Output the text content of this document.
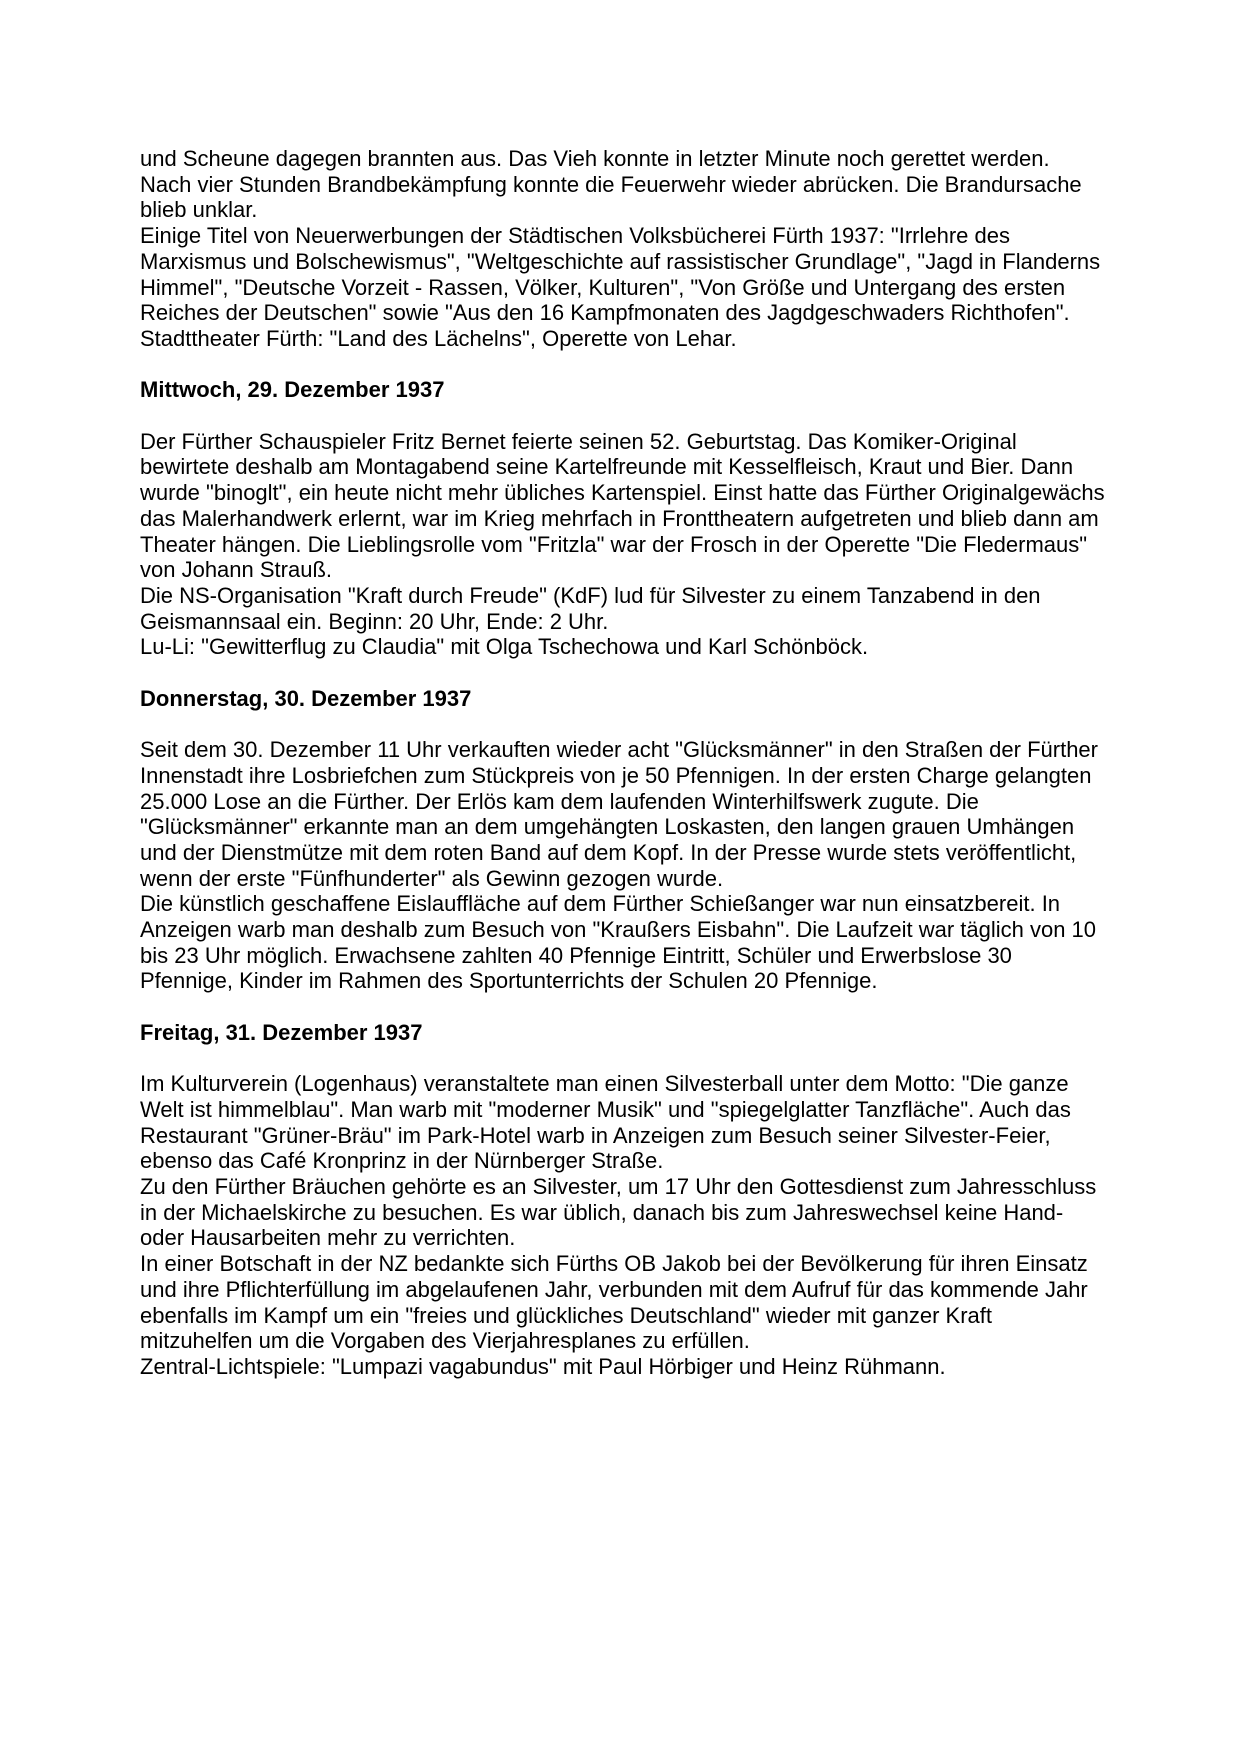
und Scheune dagegen brannten aus. Das Vieh konnte in letzter Minute noch gerettet werden. Nach vier Stunden Brandbekämpfung konnte die Feuerwehr wieder abrücken. Die Brandursache blieb unklar.

Einige Titel von Neuerwerbungen der Städtischen Volksbücherei Fürth 1937: "Irrlehre des Marxismus und Bolschewismus", "Weltgeschichte auf rassistischer Grundlage", "Jagd in Flanderns Himmel", "Deutsche Vorzeit - Rassen, Völker, Kulturen", "Von Größe und Untergang des ersten Reiches der Deutschen" sowie "Aus den 16 Kampfmonaten des Jagdgeschwaders Richthofen".

Stadttheater Fürth: "Land des Lächelns", Operette von Lehar.

Mittwoch, 29. Dezember 1937

Der Fürther Schauspieler Fritz Bernet feierte seinen 52. Geburtstag. Das Komiker-Original bewirtete deshalb am Montagabend seine Kartelfreunde mit Kesselfleisch, Kraut und Bier. Dann wurde "binoglt", ein heute nicht mehr übliches Kartenspiel. Einst hatte das Fürther Originalgewächs das Malerhandwerk erlernt, war im Krieg mehrfach in Fronttheatern aufgetreten und blieb dann am Theater hängen. Die Lieblingsrolle vom "Fritzla" war der Frosch in der Operette "Die Fledermaus" von Johann Strauß.

Die NS-Organisation "Kraft durch Freude" (KdF) lud für Silvester zu einem Tanzabend in den Geismannsaal ein. Beginn: 20 Uhr, Ende: 2 Uhr.

Lu-Li: "Gewitterflug zu Claudia" mit Olga Tschechowa und Karl Schönböck.

Donnerstag, 30. Dezember 1937

Seit dem 30. Dezember 11 Uhr verkauften wieder acht "Glücksmänner" in den Straßen der Fürther Innenstadt ihre Losbriefchen zum Stückpreis von je 50 Pfennigen. In der ersten Charge gelangten 25.000 Lose an die Fürther. Der Erlös kam dem laufenden Winterhilfswerk zugute. Die "Glücksmänner" erkannte man an dem umgehängten Loskasten, den langen grauen Umhängen und der Dienstmütze mit dem roten Band auf dem Kopf. In der Presse wurde stets veröffentlicht, wenn der erste "Fünfhunderter" als Gewinn gezogen wurde.

Die künstlich geschaffene Eislauffläche auf dem Fürther Schießanger war nun einsatzbereit. In Anzeigen warb man deshalb zum Besuch von "Kraußers Eisbahn". Die Laufzeit war täglich von 10 bis 23 Uhr möglich. Erwachsene zahlten 40 Pfennige Eintritt, Schüler und Erwerbslose 30 Pfennige, Kinder im Rahmen des Sportunterrichts der Schulen 20 Pfennige.

Freitag, 31. Dezember 1937

Im Kulturverein (Logenhaus) veranstaltete man einen Silvesterball unter dem Motto: "Die ganze Welt ist himmelblau". Man warb mit "moderner Musik" und "spiegelglatter Tanzfläche". Auch das Restaurant "Grüner-Bräu" im Park-Hotel warb in Anzeigen zum Besuch seiner Silvester-Feier, ebenso das Café Kronprinz in der Nürnberger Straße.

Zu den Fürther Bräuchen gehörte es an Silvester, um 17 Uhr den Gottesdienst zum Jahresschluss in der Michaelskirche zu besuchen. Es war üblich, danach bis zum Jahreswechsel keine Hand- oder Hausarbeiten mehr zu verrichten.

In einer Botschaft in der NZ bedankte sich Fürths OB Jakob bei der Bevölkerung für ihren Einsatz und ihre Pflichterfüllung im abgelaufenen Jahr, verbunden mit dem Aufruf für das kommende Jahr ebenfalls im Kampf um ein "freies und glückliches Deutschland" wieder mit ganzer Kraft mitzuhelfen um die Vorgaben des Vierjahresplanes zu erfüllen.

Zentral-Lichtspiele: "Lumpazi vagabundus" mit Paul Hörbiger und Heinz Rühmann.
